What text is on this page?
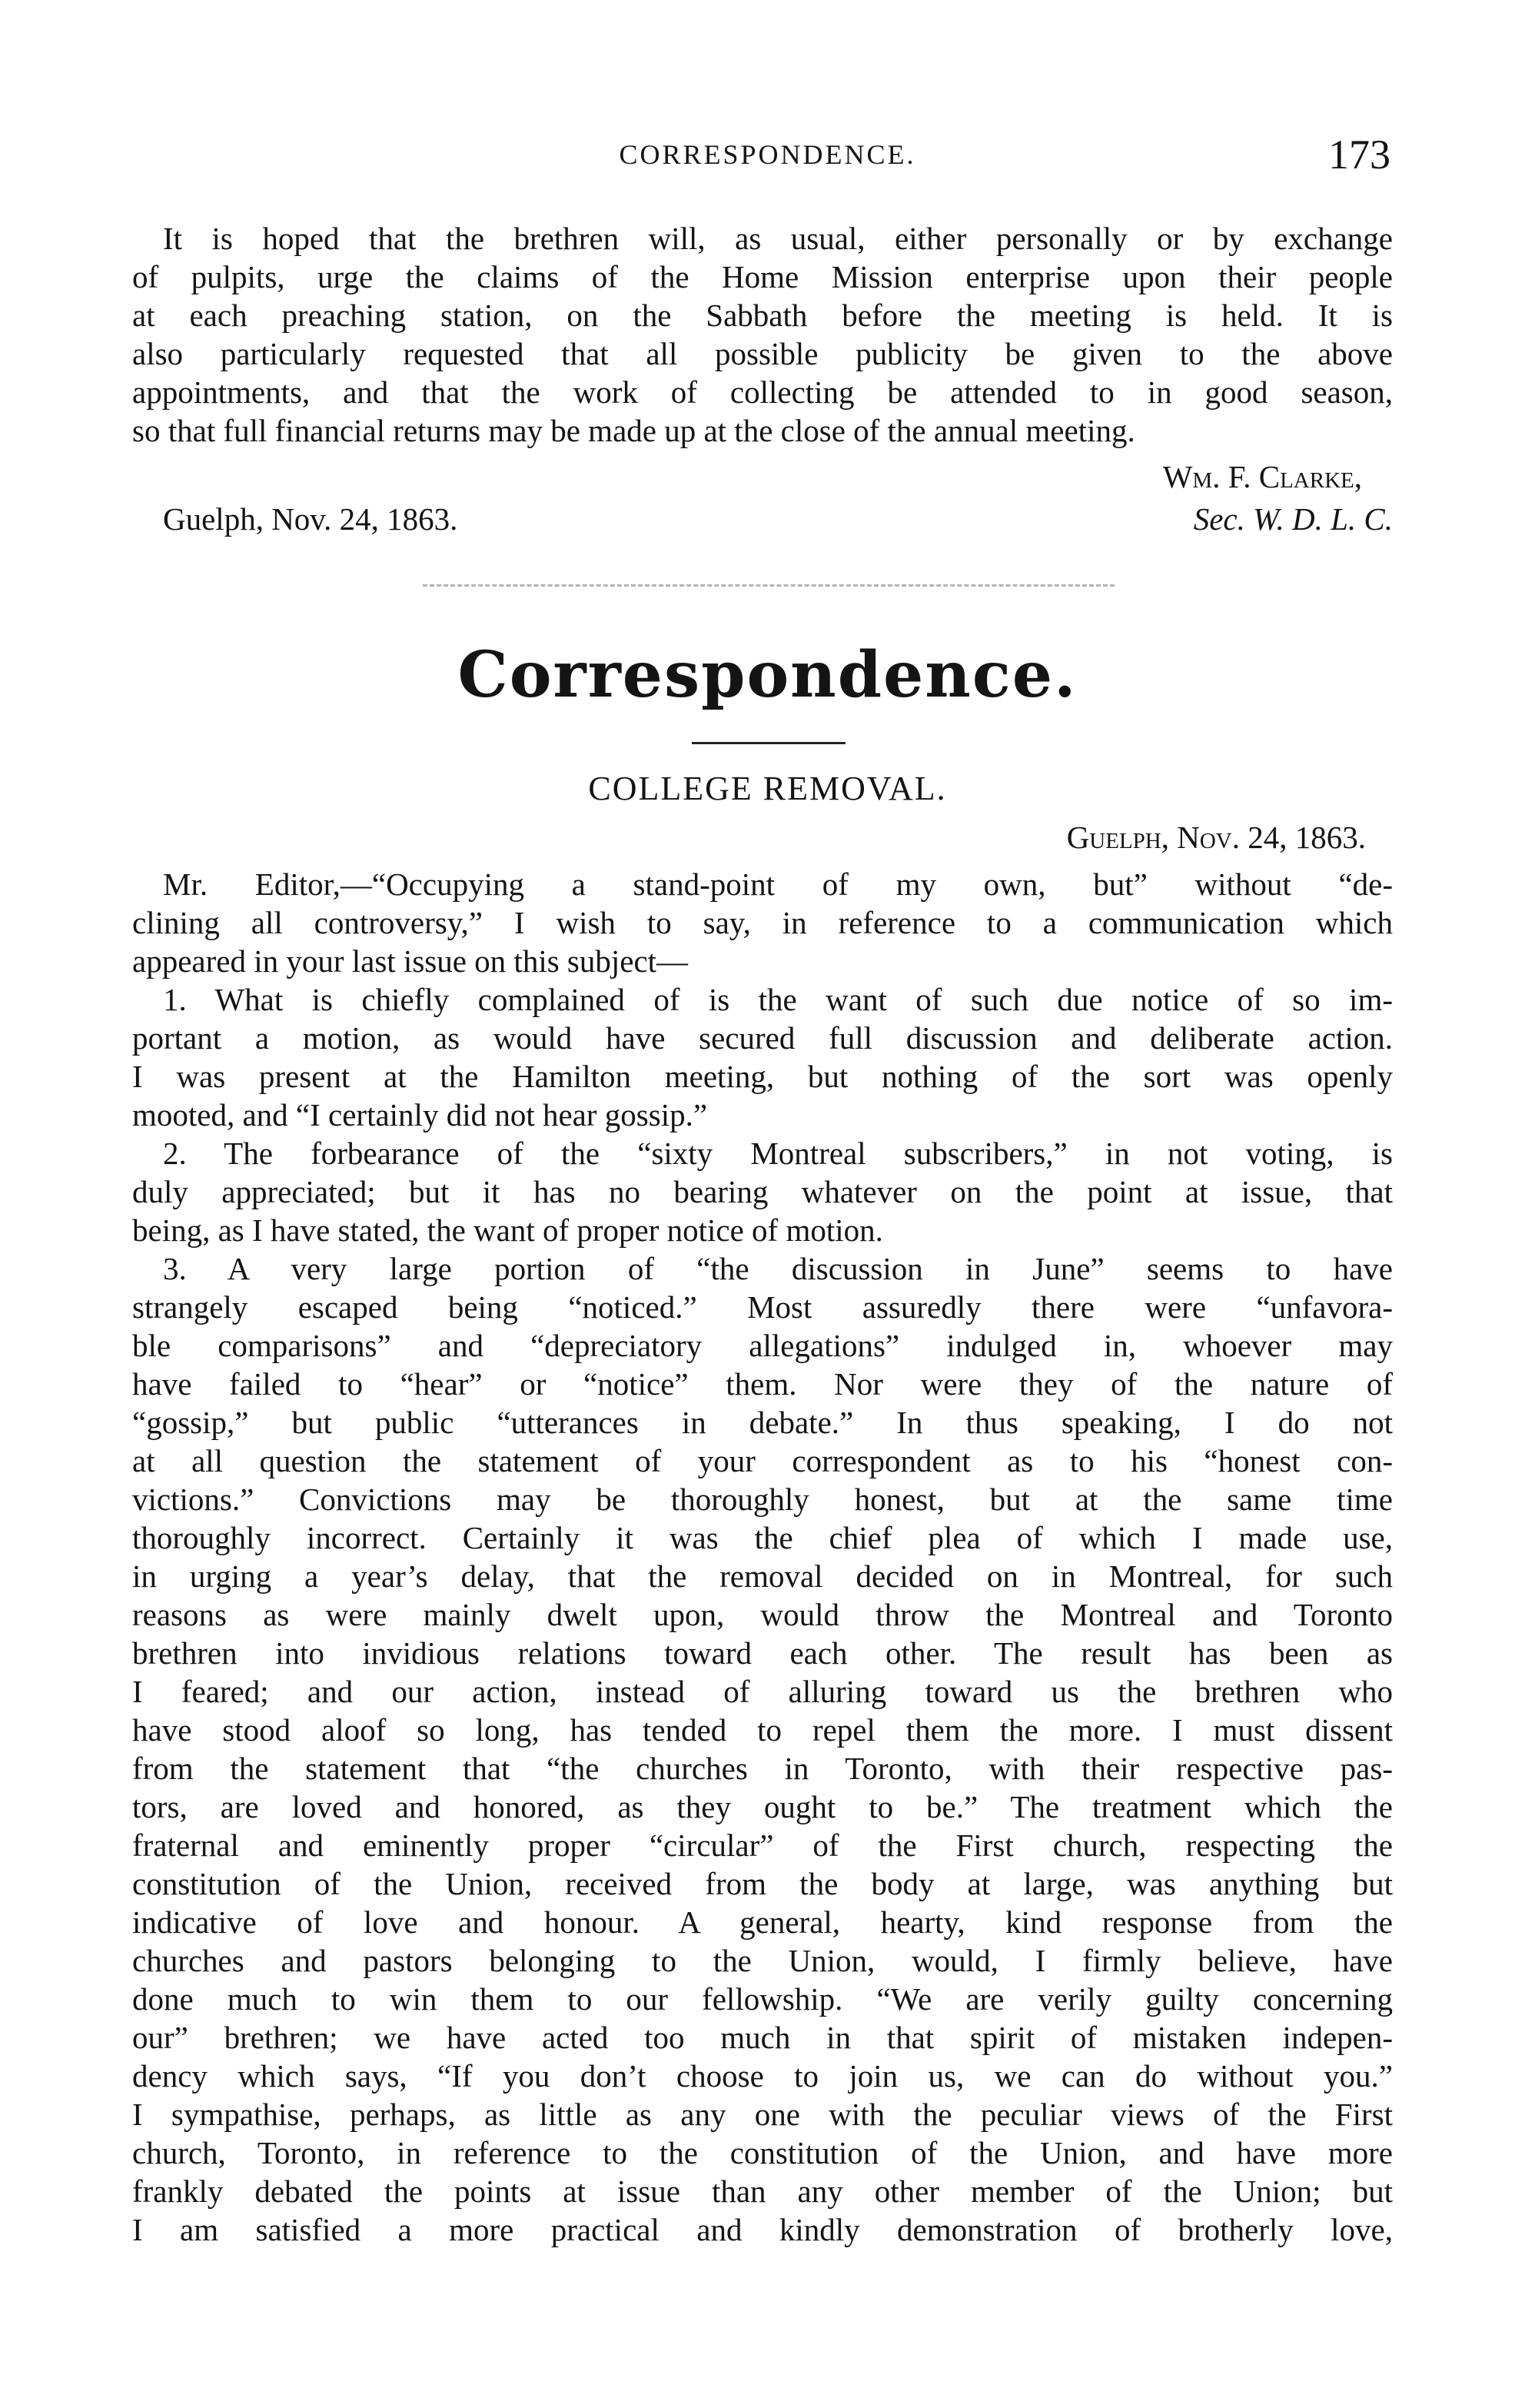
CORRESPONDENCE.	173
It is hoped that the brethren will, as usual, either personally or by exchange
of pulpits, urge the claims of the Home Mission enterprise upon their people
at each preaching station, on the Sabbath before the meeting is held. It is
also particularly requested that all possible publicity be given to the above
appointments, and that the work of collecting be attended to in good season,
so that full financial returns may be made up at the close of the annual meeting.
Wm. F. Clarke,
Guelph, Nov. 24, 1863.	Sec. W. D. L. C.
Correspondence.
COLLEGE REMOVAL.
Guelph, Nov. 24, 1863.
Mr. Editor,—“Occupying a stand-point of my own, but” without “de-
clining all controversy,” I wish to say, in reference to a communication which
appeared in your last issue on this subject—
1. What is chiefly complained of is the want of such due notice of so im-
portant a motion, as would have secured full discussion and deliberate action.
I was present at the Hamilton meeting, but nothing of the sort was openly
mooted, and “I certainly did not hear gossip.”
2. The forbearance of the “sixty Montreal subscribers,” in not voting, is
duly appreciated; but it has no bearing whatever on the point at issue, that
being, as I have stated, the want of proper notice of motion.
3. A very large portion of “the discussion in June” seems to have
strangely escaped being “noticed.” Most assuredly there were “unfavora-
ble comparisons” and “depreciatory allegations” indulged in, whoever may
have failed to “hear” or “notice” them. Nor were they of the nature of
“gossip,” but public “utterances in debate.” In thus speaking, I do not
at all question the statement of your correspondent as to his “honest con-
victions.” Convictions may be thoroughly honest, but at the same time
thoroughly incorrect. Certainly it was the chief plea of which I made use,
in urging a year’s delay, that the removal decided on in Montreal, for such
reasons as were mainly dwelt upon, would throw the Montreal and Toronto
brethren into invidious relations toward each other. The result has been as
I feared; and our action, instead of alluring toward us the brethren who
have stood aloof so long, has tended to repel them the more. I must dissent
from the statement that “the churches in Toronto, with their respective pas-
tors, are loved and honored, as they ought to be.” The treatment which the
fraternal and eminently proper “circular” of the First church, respecting the
constitution of the Union, received from the body at large, was anything but
indicative of love and honour. A general, hearty, kind response from the
churches and pastors belonging to the Union, would, I firmly believe, have
done much to win them to our fellowship. “We are verily guilty concerning
our” brethren; we have acted too much in that spirit of mistaken indepen-
dency which says, “If you don’t choose to join us, we can do without you.”
I sympathise, perhaps, as little as any one with the peculiar views of the First
church, Toronto, in reference to the constitution of the Union, and have more
frankly debated the points at issue than any other member of the Union; but
I am satisfied a more practical and kindly demonstration of brotherly love,
